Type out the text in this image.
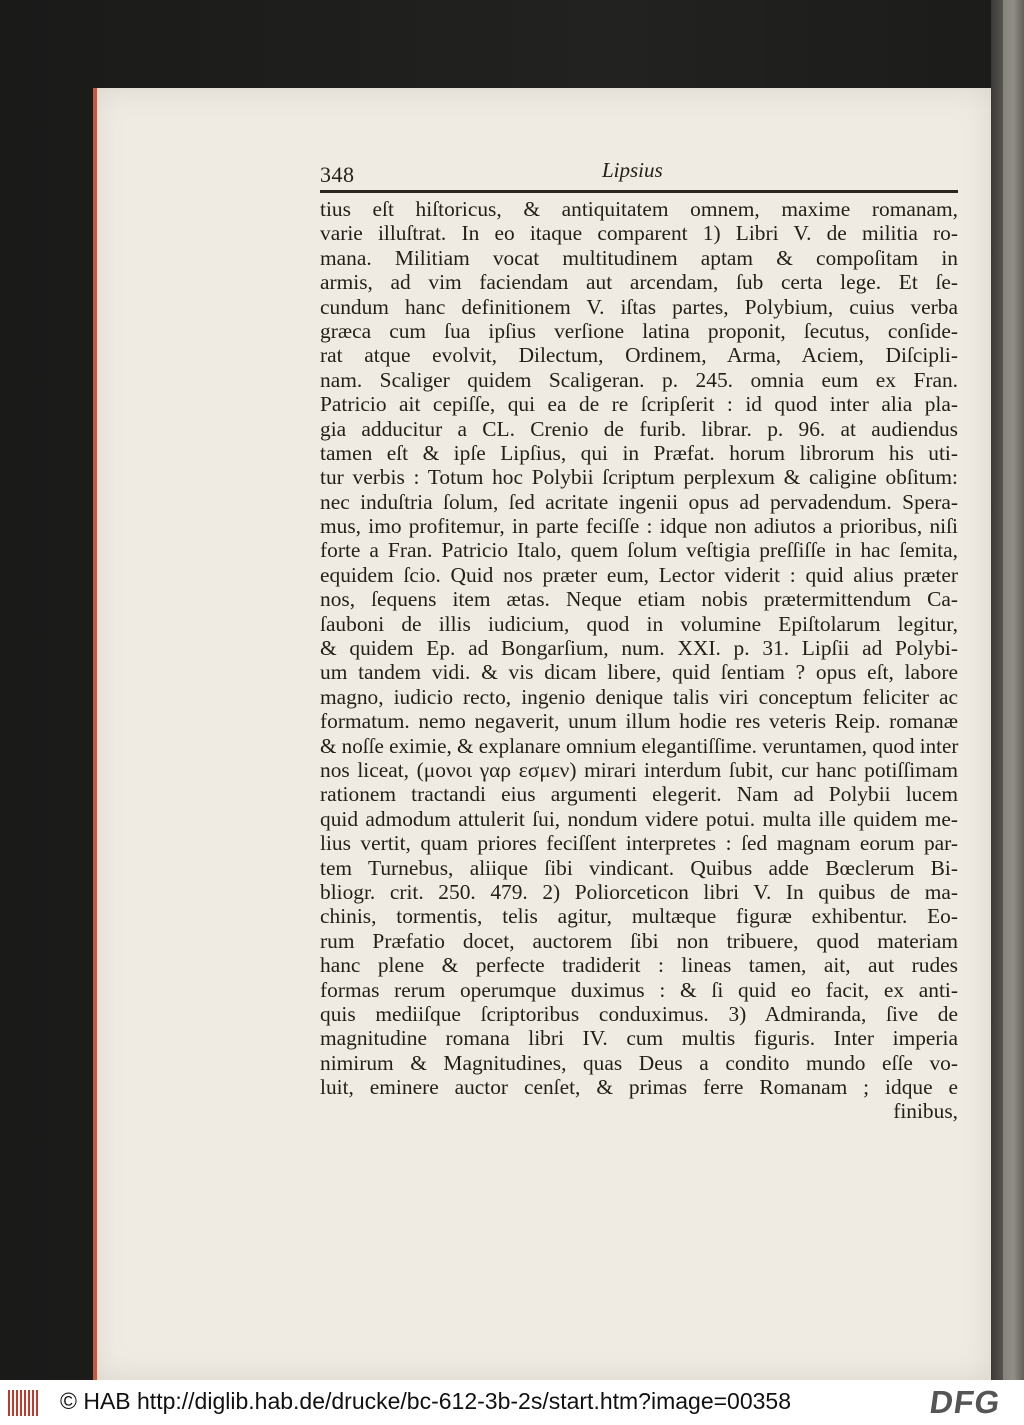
348	Lipsius
tius eſt hiſtoricus, & antiquitatem omnem, maxime romanam,
varie illuſtrat. In eo itaque comparent 1) Libri V. de militia ro-
mana. Militiam vocat multitudinem aptam & compoſitam in
armis, ad vim faciendam aut arcendam, ſub certa lege. Et ſe-
cundum hanc definitionem V. iſtas partes, Polybium, cuius verba
græca cum ſua ipſius verſione latina proponit, ſecutus, conſide-
rat atque evolvit, Dilectum, Ordinem, Arma, Aciem, Diſcipli-
nam. Scaliger quidem Scaligeran. p. 245. omnia eum ex Fran.
Patricio ait cepiſſe, qui ea de re ſcripſerit : id quod inter alia pla-
gia adducitur a CL. Crenio de furib. librar. p. 96. at audiendus
tamen eſt & ipſe Lipſius, qui in Præfat. horum librorum his uti-
tur verbis : Totum hoc Polybii ſcriptum perplexum & caligine obſitum:
nec induſtria ſolum, ſed acritate ingenii opus ad pervadendum. Spera-
mus, imo profitemur, in parte feciſſe : idque non adiutos a prioribus, niſi
forte a Fran. Patricio Italo, quem ſolum veſtigia preſſiſſe in hac ſemita,
equidem ſcio. Quid nos præter eum, Lector viderit : quid alius præter
nos, ſequens item ætas. Neque etiam nobis prætermittendum Ca-
ſauboni de illis iudicium, quod in volumine Epiſtolarum legitur,
& quidem Ep. ad Bongarſium, num. XXI. p. 31. Lipſii ad Polybi-
um tandem vidi. & vis dicam libere, quid ſentiam ? opus eſt, labore
magno, iudicio recto, ingenio denique talis viri conceptum feliciter ac
formatum. nemo negaverit, unum illum hodie res veteris Reip. romanæ
& noſſe eximie, & explanare omnium elegantiſſime. veruntamen, quod inter
nos liceat, (μονοι γαρ εσμεν) mirari interdum ſubit, cur hanc potiſſimam
rationem tractandi eius argumenti elegerit. Nam ad Polybii lucem
quid admodum attulerit ſui, nondum videre potui. multa ille quidem me-
lius vertit, quam priores feciſſent interpretes : ſed magnam eorum par-
tem Turnebus, aliique ſibi vindicant. Quibus adde Bœclerum Bi-
bliogr. crit. 250. 479. 2) Poliorceticon libri V. In quibus de ma-
chinis, tormentis, telis agitur, multæque figuræ exhibentur. Eo-
rum Præfatio docet, auctorem ſibi non tribuere, quod materiam
hanc plene & perfecte tradiderit : lineas tamen, ait, aut rudes
formas rerum operumque duximus : & ſi quid eo facit, ex anti-
quis mediiſque ſcriptoribus conduximus. 3) Admiranda, ſive de
magnitudine romana libri IV. cum multis figuris. Inter imperia
nimirum & Magnitudines, quas Deus a condito mundo eſſe vo-
luit, eminere auctor cenſet, & primas ferre Romanam ; idque e
finibus,
© HAB http://diglib.hab.de/drucke/bc-612-3b-2s/start.htm?image=00358	DFG
